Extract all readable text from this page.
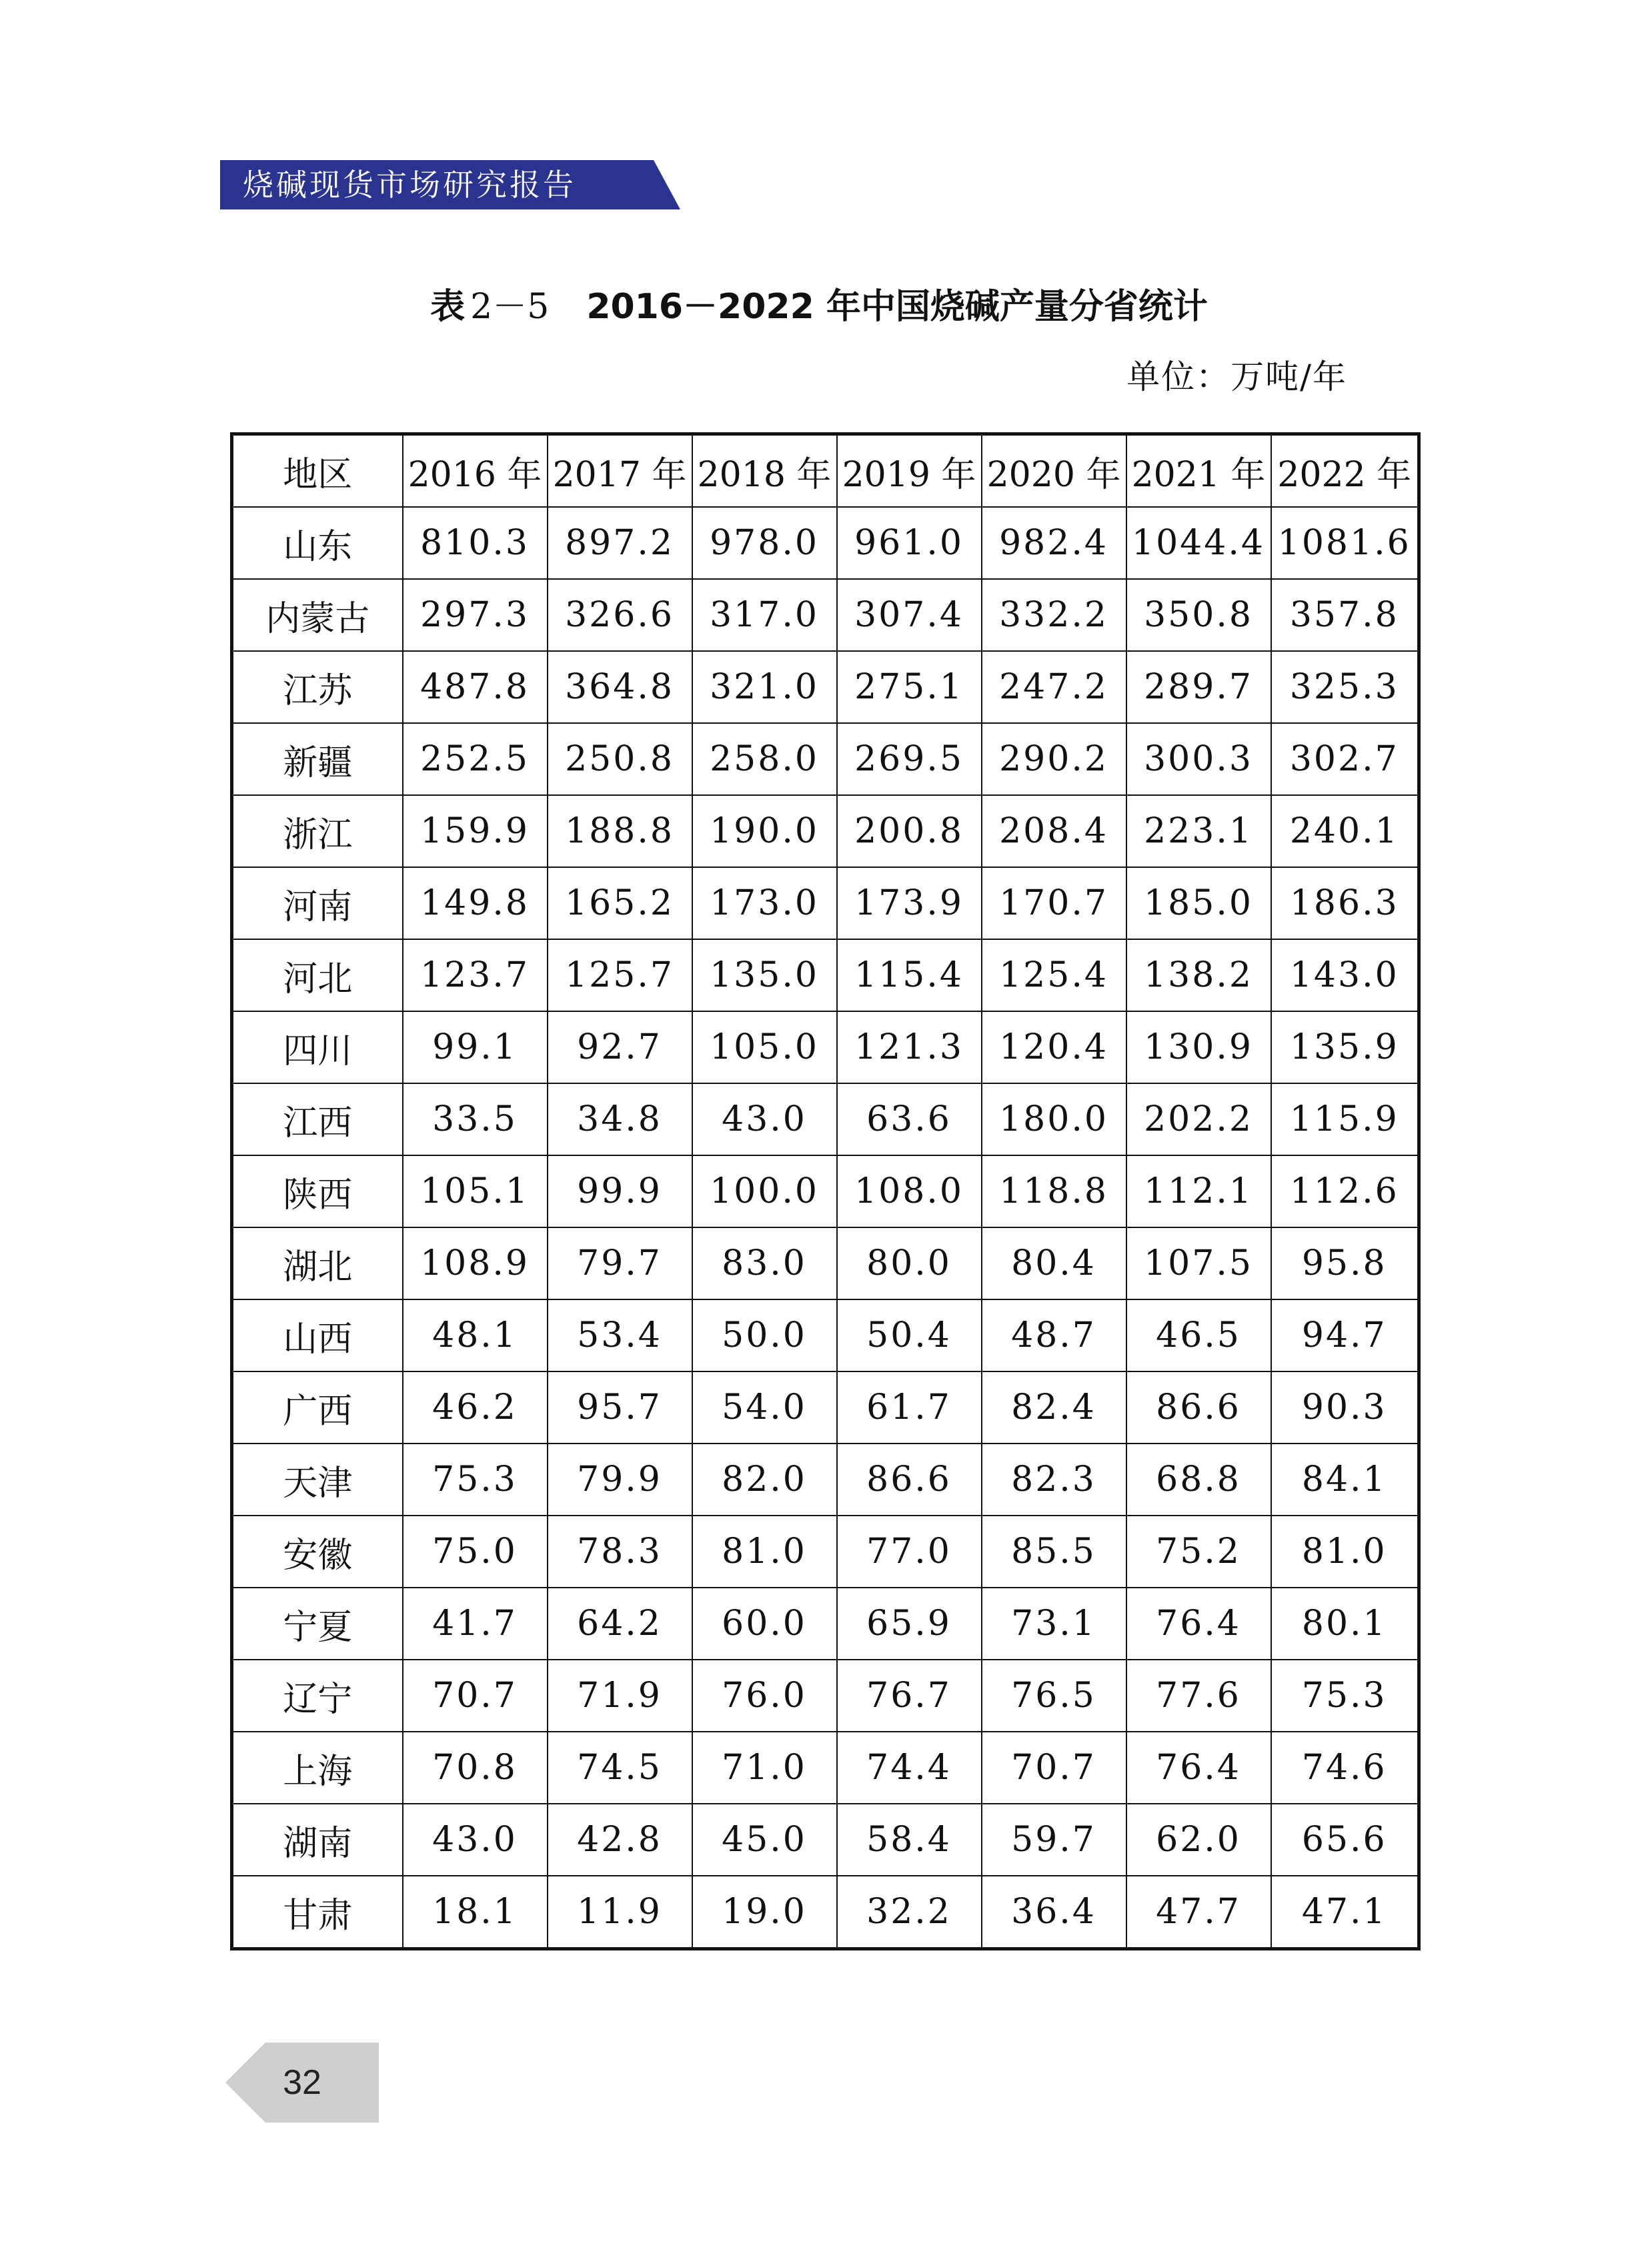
烧碱现货市场研究报告
表 2－5 2016－2022 年中国烧碱产量分省统计
单位：万吨/年
地区	2016 年	2017 年	2018 年	2019 年	2020 年	2021 年	2022 年
山东	810.3	897.2	978.0	961.0	982.4	1044.4	1081.6
内蒙古	297.3	326.6	317.0	307.4	332.2	350.8	357.8
江苏	487.8	364.8	321.0	275.1	247.2	289.7	325.3
新疆	252.5	250.8	258.0	269.5	290.2	300.3	302.7
浙江	159.9	188.8	190.0	200.8	208.4	223.1	240.1
河南	149.8	165.2	173.0	173.9	170.7	185.0	186.3
河北	123.7	125.7	135.0	115.4	125.4	138.2	143.0
四川	99.1	92.7	105.0	121.3	120.4	130.9	135.9
江西	33.5	34.8	43.0	63.6	180.0	202.2	115.9
陕西	105.1	99.9	100.0	108.0	118.8	112.1	112.6
湖北	108.9	79.7	83.0	80.0	80.4	107.5	95.8
山西	48.1	53.4	50.0	50.4	48.7	46.5	94.7
广西	46.2	95.7	54.0	61.7	82.4	86.6	90.3
天津	75.3	79.9	82.0	86.6	82.3	68.8	84.1
安徽	75.0	78.3	81.0	77.0	85.5	75.2	81.0
宁夏	41.7	64.2	60.0	65.9	73.1	76.4	80.1
辽宁	70.7	71.9	76.0	76.7	76.5	77.6	75.3
上海	70.8	74.5	71.0	74.4	70.7	76.4	74.6
湖南	43.0	42.8	45.0	58.4	59.7	62.0	65.6
甘肃	18.1	11.9	19.0	32.2	36.4	47.7	47.1
32
